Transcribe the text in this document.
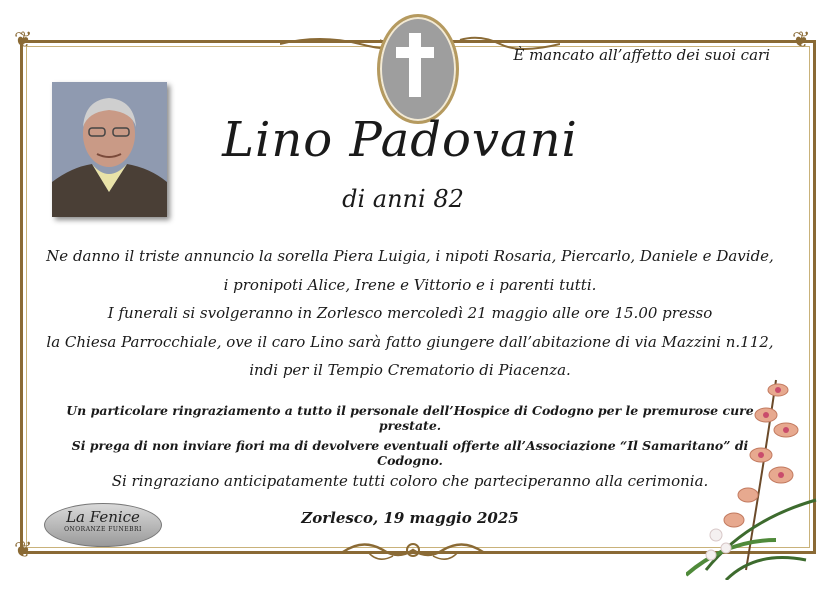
❦	❦
❦
È mancato all’affetto dei suoi cari
Lino Padovani
di anni 82
Ne danno il triste annuncio la sorella Piera Luigia, i nipoti Rosaria, Piercarlo, Daniele e Davide,
i pronipoti Alice, Irene e Vittorio e i parenti tutti.
I funerali si svolgeranno in Zorlesco mercoledì 21 maggio alle ore 15.00 presso
la Chiesa Parrocchiale, ove il caro Lino sarà fatto giungere dall’abitazione di via Mazzini n.112,
indi per il Tempio Crematorio di Piacenza.
Un particolare ringraziamento a tutto il personale dell’Hospice di Codogno per le premurose cure prestate.
Si prega di non inviare fiori ma di devolvere eventuali offerte all’Associazione “Il Samaritano” di Codogno.
Si ringraziano anticipatamente tutti coloro che parteciperanno alla cerimonia.
Zorlesco, 19 maggio 2025
La Fenice
ONORANZE FUNEBRI
